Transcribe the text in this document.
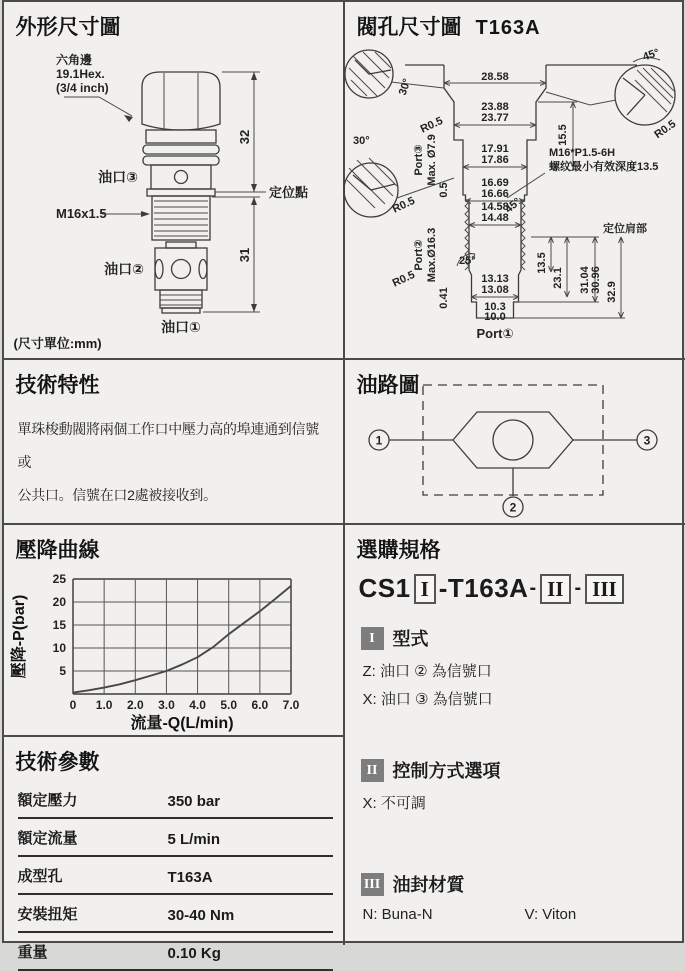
外形尺寸圖
六角邊
19.1Hex.
(3/4 inch)
油口③
油口②
油口①
M16x1.5
定位點
32
31
(尺寸單位:mm)
閥孔尺寸圖 T163A
28.58
23.88
23.77
17.91
17.86
16.69
16.66
14.58
14.48
13.13
13.08
10.3
10.0
15.5
M16*P1.5-6H
螺纹最小有效深度13.5
定位肩部
13.5
23.1 31.04 30.96 32.9
Port③ Max. Ø7.9
0.5
Port② Max.Ø16.3
0.41
R0.5
R0.5
R0.5
R0.5
30°
30°
45°
45°
25°
Port①
技術特性
單珠梭動閥將兩個工作口中壓力高的埠連通到信號或
公共口。信號在口2處被接收到。
油路圖
1	3
2
壓降曲線
0 1.0 2.0 3.0 4.0 5.0 6.0 7.0
5
10
15
20
25
流量-Q(L/min)
壓降-P(bar)
選購規格
CS1 I -T163A - II - III
I 型式
Z: 油口 ② 為信號口
X: 油口 ③ 為信號口
II 控制方式選項
X: 不可調
III 油封材質
N: Buna-N	V: Viton
技術參數
額定壓力	350 bar
額定流量	5 L/min
成型孔	T163A
安裝扭矩	30-40 Nm
重量	0.10 Kg
